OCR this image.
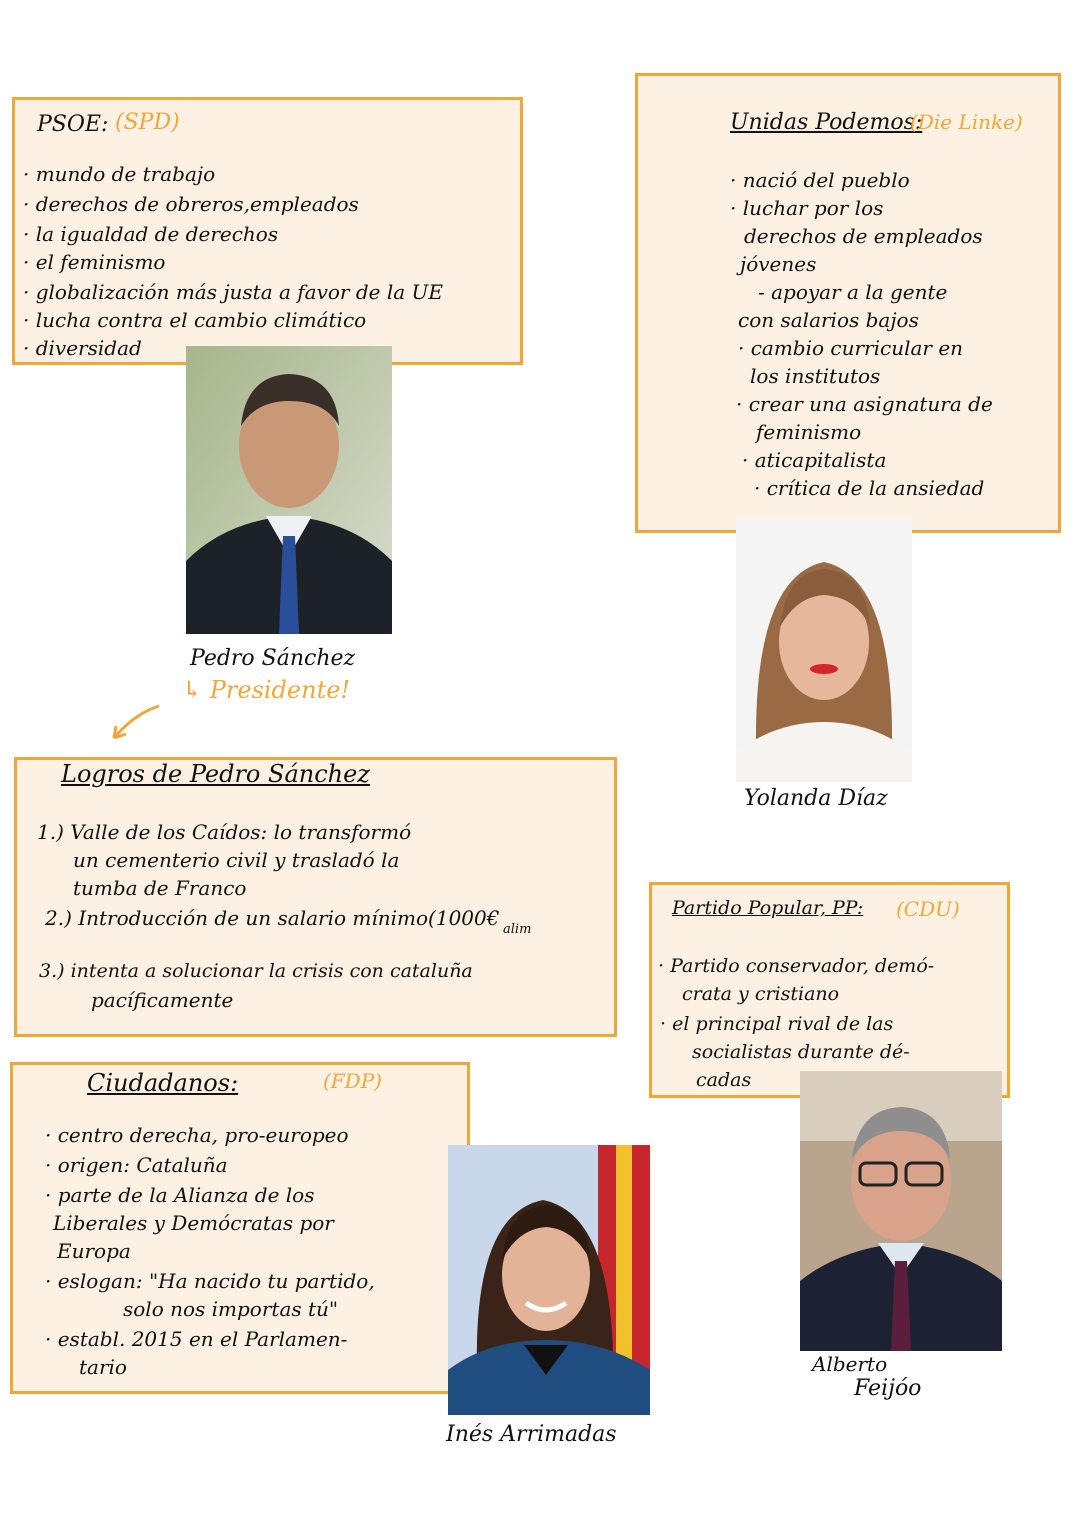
PSOE: (SPD)
· mundo de trabajo
· derechos de obreros,empleados
· la igualdad de derechos
· el feminismo
· globalización más justa a favor de la UE
· lucha contra el cambio climático
· diversidad
Pedro Sánchez
↳ Presidente!
Unidas Podemos:
(Die Linke)
· nació del pueblo
· luchar por los
derechos de empleados
jóvenes
- apoyar a la gente
con salarios bajos
· cambio curricular en
los institutos
· crear una asignatura de
feminismo
· aticapitalista
· crítica de la ansiedad
Yolanda Díaz
Logros de Pedro Sánchez
1.) Valle de los Caídos: lo transformó
un cementerio civil y trasladó la
tumba de Franco
2.) Introducción de un salario mínimo(1000€ alim
3.) intenta a solucionar la crisis con cataluña
pacíficamente
Partido Popular, PP: (CDU)
· Partido conservador, demó-
crata y cristiano
· el principal rival de las
socialistas durante dé-
cadas
Alberto
Feijóo
Ciudadanos:	(FDP)
· centro derecha, pro-europeo
· origen: Cataluña
· parte de la Alianza de los
Liberales y Demócratas por
Europa
· eslogan: "Ha nacido tu partido,
solo nos importas tú"
· establ. 2015 en el Parlamen-
tario
Inés Arrimadas
